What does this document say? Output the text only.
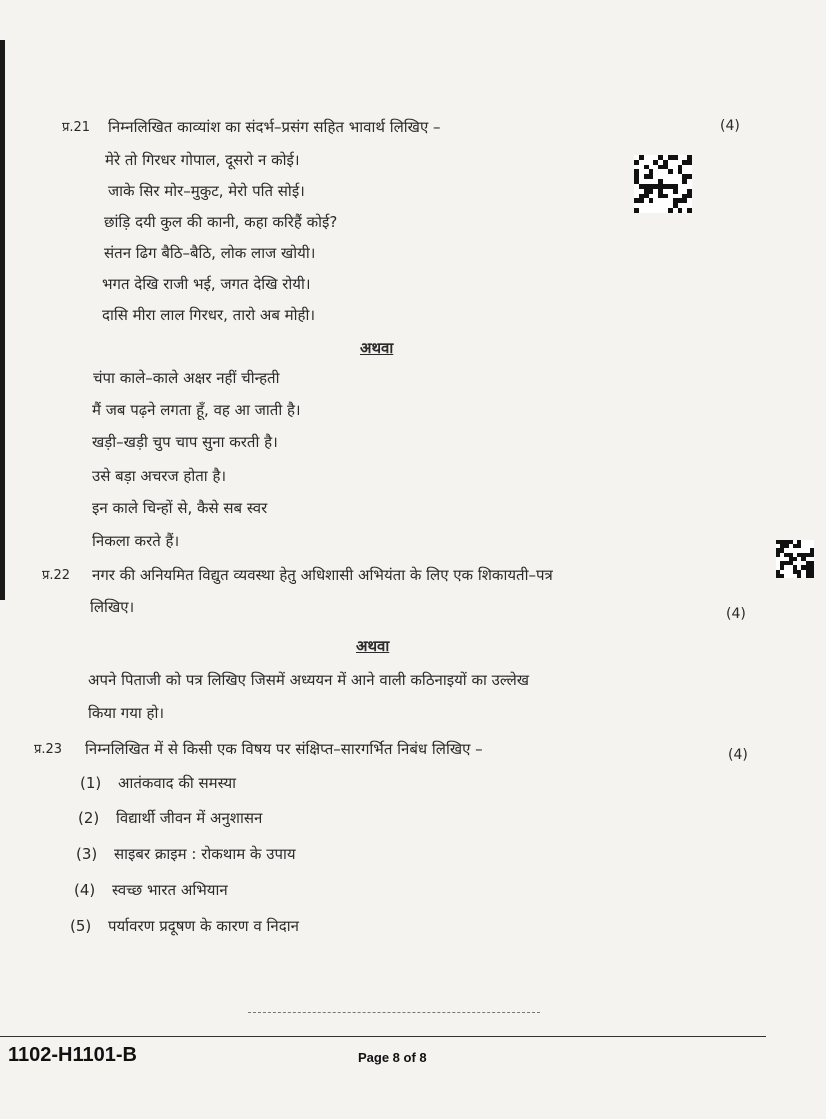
प्र.21 निम्नलिखित काव्यांश का संदर्भ–प्रसंग सहित भावार्थ लिखिए –	(4)
मेरे तो गिरधर गोपाल, दूसरो न कोई।
जाके सिर मोर–मुकुट, मेरो पति सोई।
छांड़ि दयी कुल की कानी, कहा करिहैं कोई?
संतन ढिग बैठि–बैठि, लोक लाज खोयी।
भगत देखि राजी भई, जगत देखि रोयी।
दासि मीरा लाल गिरधर, तारो अब मोही।
अथवा
चंपा काले–काले अक्षर नहीं चीन्हती
मैं जब पढ़ने लगता हूँ, वह आ जाती है।
खड़ी–खड़ी चुप चाप सुना करती है।
उसे बड़ा अचरज होता है।
इन काले चिन्हों से, कैसे सब स्वर
निकला करते हैं।
प्र.22 नगर की अनियमित विद्युत व्यवस्था हेतु अधिशासी अभियंता के लिए एक शिकायती–पत्र
लिखिए।	(4)
अथवा
अपने पिताजी को पत्र लिखिए जिसमें अध्ययन में आने वाली कठिनाइयों का उल्लेख
किया गया हो।
प्र.23 निम्नलिखित में से किसी एक विषय पर संक्षिप्त–सारगर्भित निबंध लिखिए –	(4)
(1) आतंकवाद की समस्या
(2) विद्यार्थी जीवन में अनुशासन
(3) साइबर क्राइम : रोकथाम के उपाय
(4) स्वच्छ भारत अभियान
(5) पर्यावरण प्रदूषण के कारण व निदान
1102-H1101-B	Page 8 of 8
